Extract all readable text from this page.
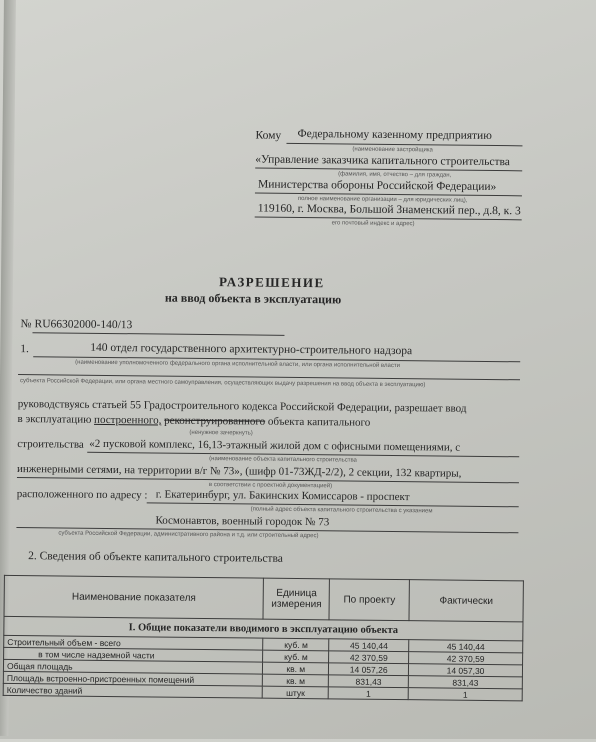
Кому Федеральному казенному предприятию
(наименование застройщика
«Управление заказчика капитального строительства
(фамилия, имя, отчество – для граждан,
Министерства обороны Российской Федерации»
полное наименование организации – для юридических лиц),
119160, г. Москва, Большой Знаменский пер., д.8, к. 3
его почтовый индекс и адрес)
РАЗРЕШЕНИЕ
на ввод объекта в эксплуатацию
№ RU66302000-140/13
1.	140 отдел государственного архитектурно-строительного надзора
(наименование уполномоченного федерального органа исполнительной власти, или органа исполнительной власти
субъекта Российской Федерации, или органа местного самоуправления, осуществляющих выдачу разрешения на ввод объекта в эксплуатацию)
руководствуясь статьей 55 Градостроительного кодекса Российской Федерации, разрешает ввод
в эксплуатацию построенного, реконструированного объекта капитального
(ненужное зачеркнуть)
строительства «2 пусковой комплекс, 16,13-этажный жилой дом с офисными помещениями, с
(наименование объекта капитального строительства
инженерными сетями, на территории в/г № 73», (шифр 01-73ЖД-2/2), 2 секции, 132 квартиры,
в соответствии с проектной документацией)
расположенного по адресу : г. Екатеринбург, ул. Бакинских Комиссаров - проспект
(полный адрес объекта капитального строительства с указанием
Космонавтов, военный городок № 73
субъекта Российской Федерации, административного района и т.д. или строительный адрес)
2. Сведения об объекте капитального строительства
Наименование показателя	Единица измерения	По проекту	Фактически
I. Общие показатели вводимого в эксплуатацию объекта			
Строительный объем - всего	куб. м	45 140,44	45 140,44
в том числе надземной части	куб. м	42 370,59	42 370,59
Общая площадь	кв. м	14 057,26	14 057,30
Площадь встроенно-пристроенных помещений	кв. м	831,43	831,43
Количество зданий	штук	1	1
